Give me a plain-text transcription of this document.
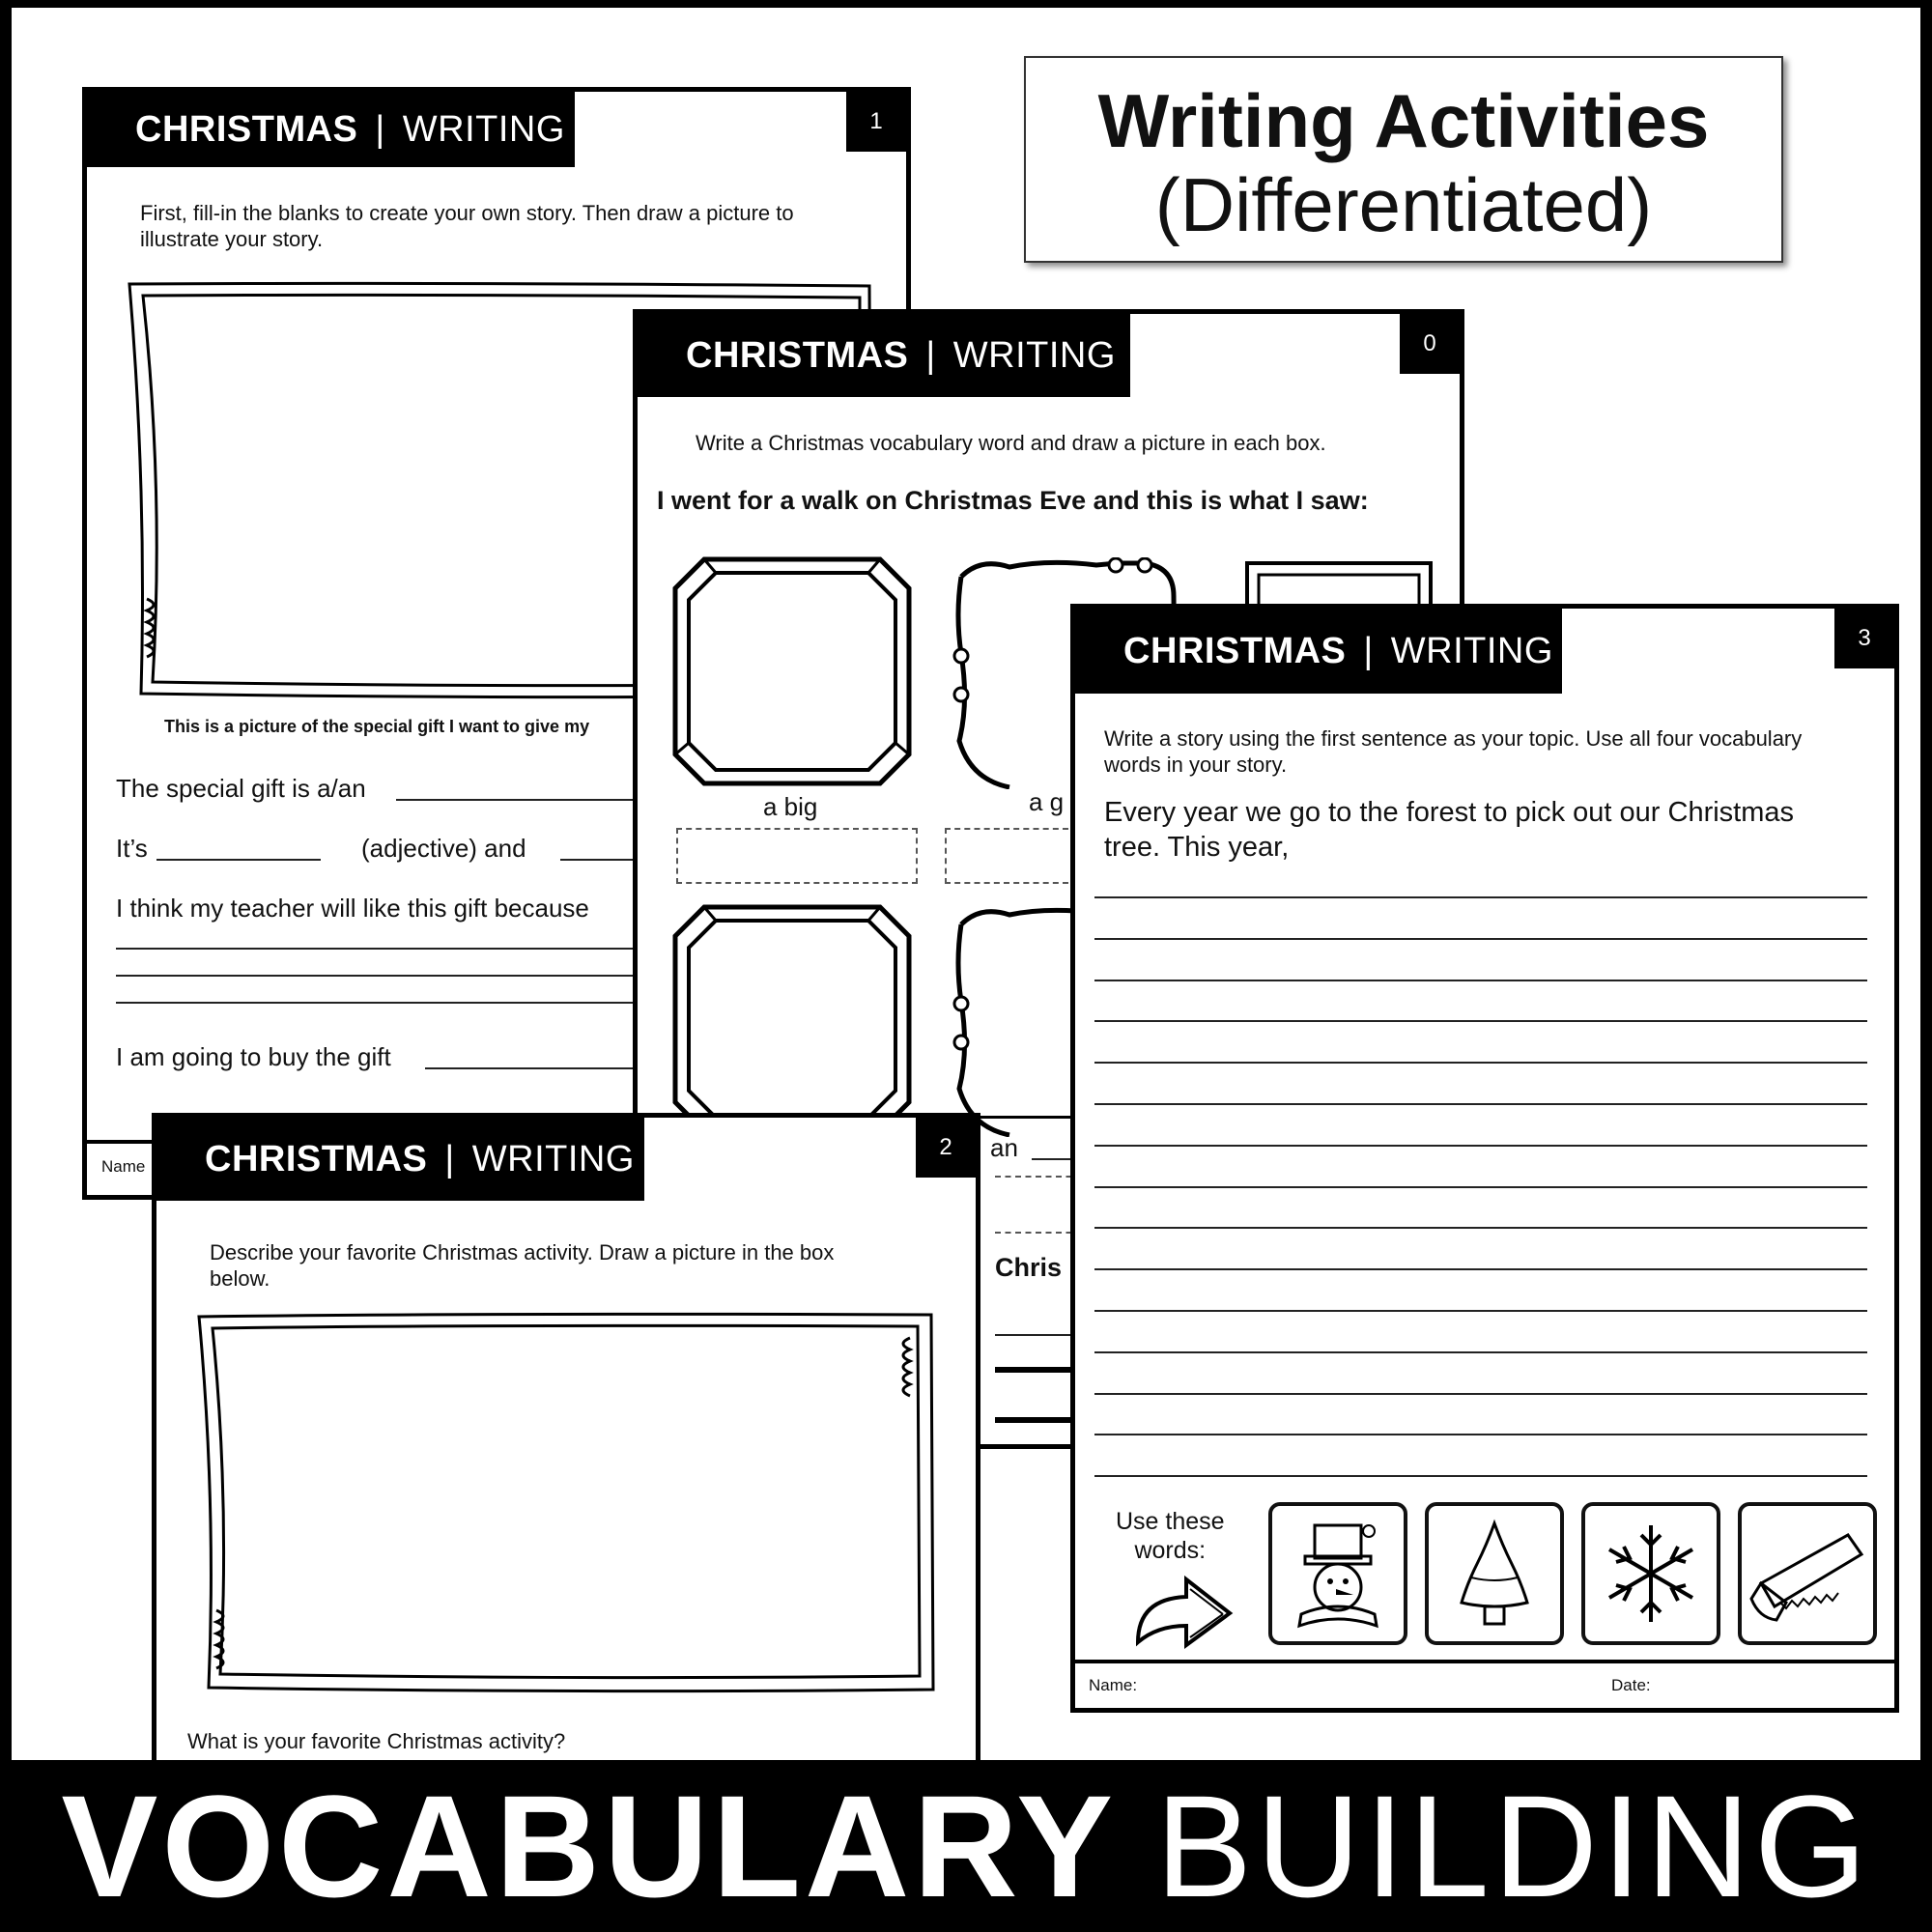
CHRISTMAS | WRITING	1
First, fill-in the blanks to create your own story. Then draw a picture to
illustrate your story.
This is a picture of the special gift I want to give my
The special gift is a/an
It’s	(adjective) and
I think my teacher will like this gift because
I am going to buy the gift
Name
CHRISTMAS | WRITING	0
Write a Christmas vocabulary word and draw a picture in each box.
I went for a walk on Christmas Eve and this is what I saw:
a big	a g
an
Chris
CHRISTMAS | WRITING	3
Write a story using the first sentence as your topic. Use all four vocabulary
words in your story.
Every year we go to the forest to pick out our Christmas
tree. This year,
Use these
words:
Name:	Date:
CHRISTMAS | WRITING	2
Describe your favorite Christmas activity. Draw a picture in the box
below.
What is your favorite Christmas activity?
Writing Activities
(Differentiated)
VOCABULARY BUILDING
